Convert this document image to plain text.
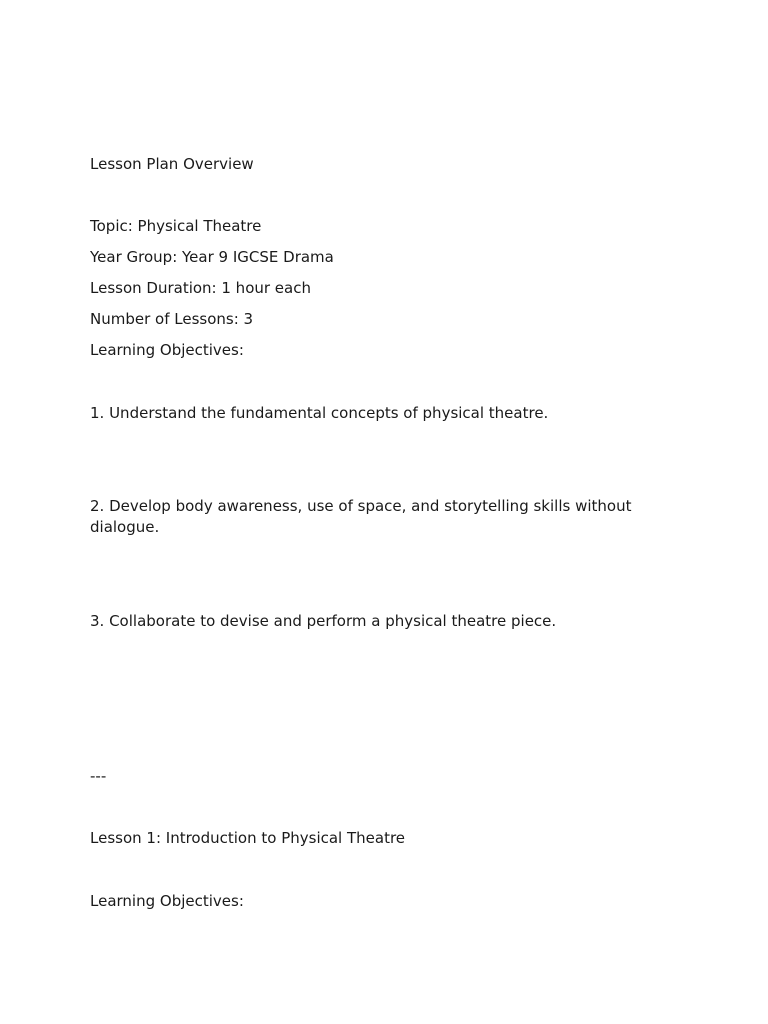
Lesson Plan Overview
Topic: Physical Theatre
Year Group: Year 9 IGCSE Drama
Lesson Duration: 1 hour each
Number of Lessons: 3
Learning Objectives:
1. Understand the fundamental concepts of physical theatre.
2. Develop body awareness, use of space, and storytelling skills without dialogue.
3. Collaborate to devise and perform a physical theatre piece.
---
Lesson 1: Introduction to Physical Theatre
Learning Objectives:
